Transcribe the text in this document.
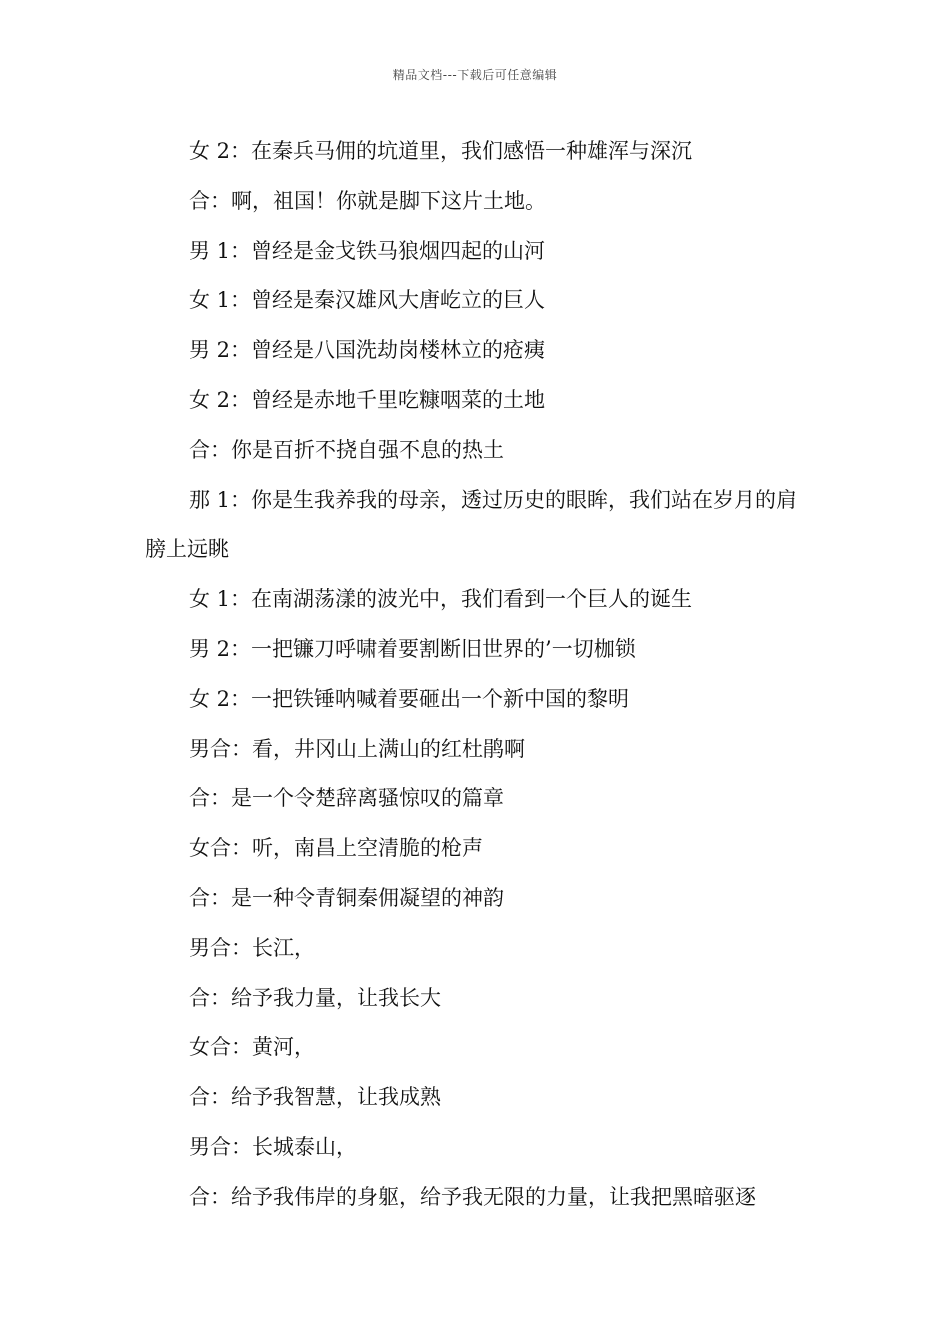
精品文档---下载后可任意编辑

女 2：在秦兵马佣的坑道里，我们感悟一种雄浑与深沉

合：啊，祖国！你就是脚下这片土地。

男 1：曾经是金戈铁马狼烟四起的山河

女 1：曾经是秦汉雄风大唐屹立的巨人

男 2：曾经是八国洗劫岗楼林立的疮痍

女 2：曾经是赤地千里吃糠咽菜的土地

合：你是百折不挠自强不息的热土

那 1：你是生我养我的母亲，透过历史的眼眸，我们站在岁月的肩膀上远眺

女 1：在南湖荡漾的波光中，我们看到一个巨人的诞生

男 2：一把镰刀呼啸着要割断旧世界的’一切枷锁

女 2：一把铁锤呐喊着要砸出一个新中国的黎明

男合：看，井冈山上满山的红杜鹃啊

合：是一个令楚辞离骚惊叹的篇章

女合：听，南昌上空清脆的枪声

合：是一种令青铜秦佣凝望的神韵

男合：长江，

合：给予我力量，让我长大

女合：黄河，

合：给予我智慧，让我成熟

男合：长城泰山，

合：给予我伟岸的身躯，给予我无限的力量，让我把黑暗驱逐
